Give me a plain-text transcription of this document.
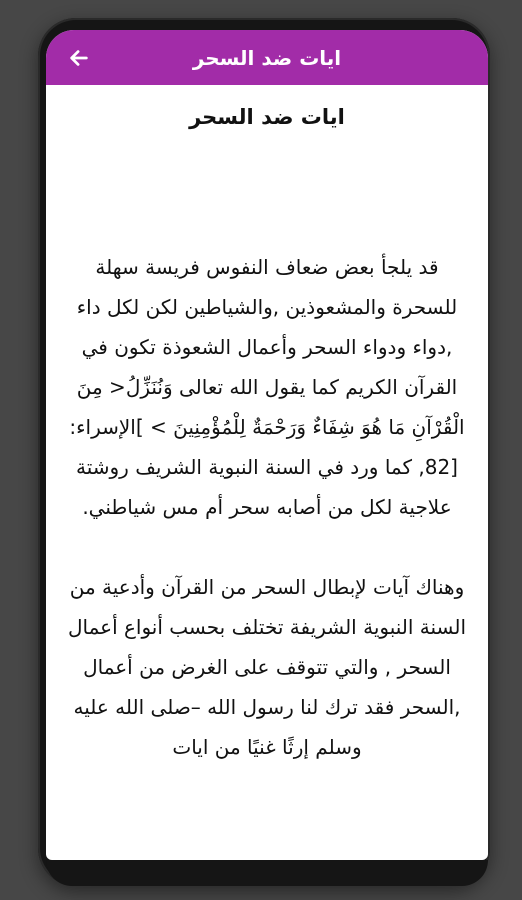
ايات ضد السحر
ايات ضد السحر

قد يلجأ بعض ضعاف النفوس فريسة سهلة للسحرة والمشعوذين ,والشياطين لكن لكل داء ,دواء ودواء السحر وأعمال الشعوذة تكون في القرآن الكريم كما يقول الله تعالى وَنُنَزِّلُ< مِنَ الْقُرْآنِ مَا هُوَ شِفَاءٌ وَرَحْمَةٌ لِلْمُؤْمِنِينَ > ]الإسراء: [82, كما ورد في السنة النبوية الشريف روشتة علاجية لكل من أصابه سحر أم مس شياطني.

وهناك آيات لإبطال السحر من القرآن وأدعية من السنة النبوية الشريفة تختلف بحسب أنواع أعمال السحر , والتي تتوقف على الغرض من أعمال ,السحر فقد ترك لنا رسول الله –صلى الله عليه وسلم إرثًا غنيًا من ايات
